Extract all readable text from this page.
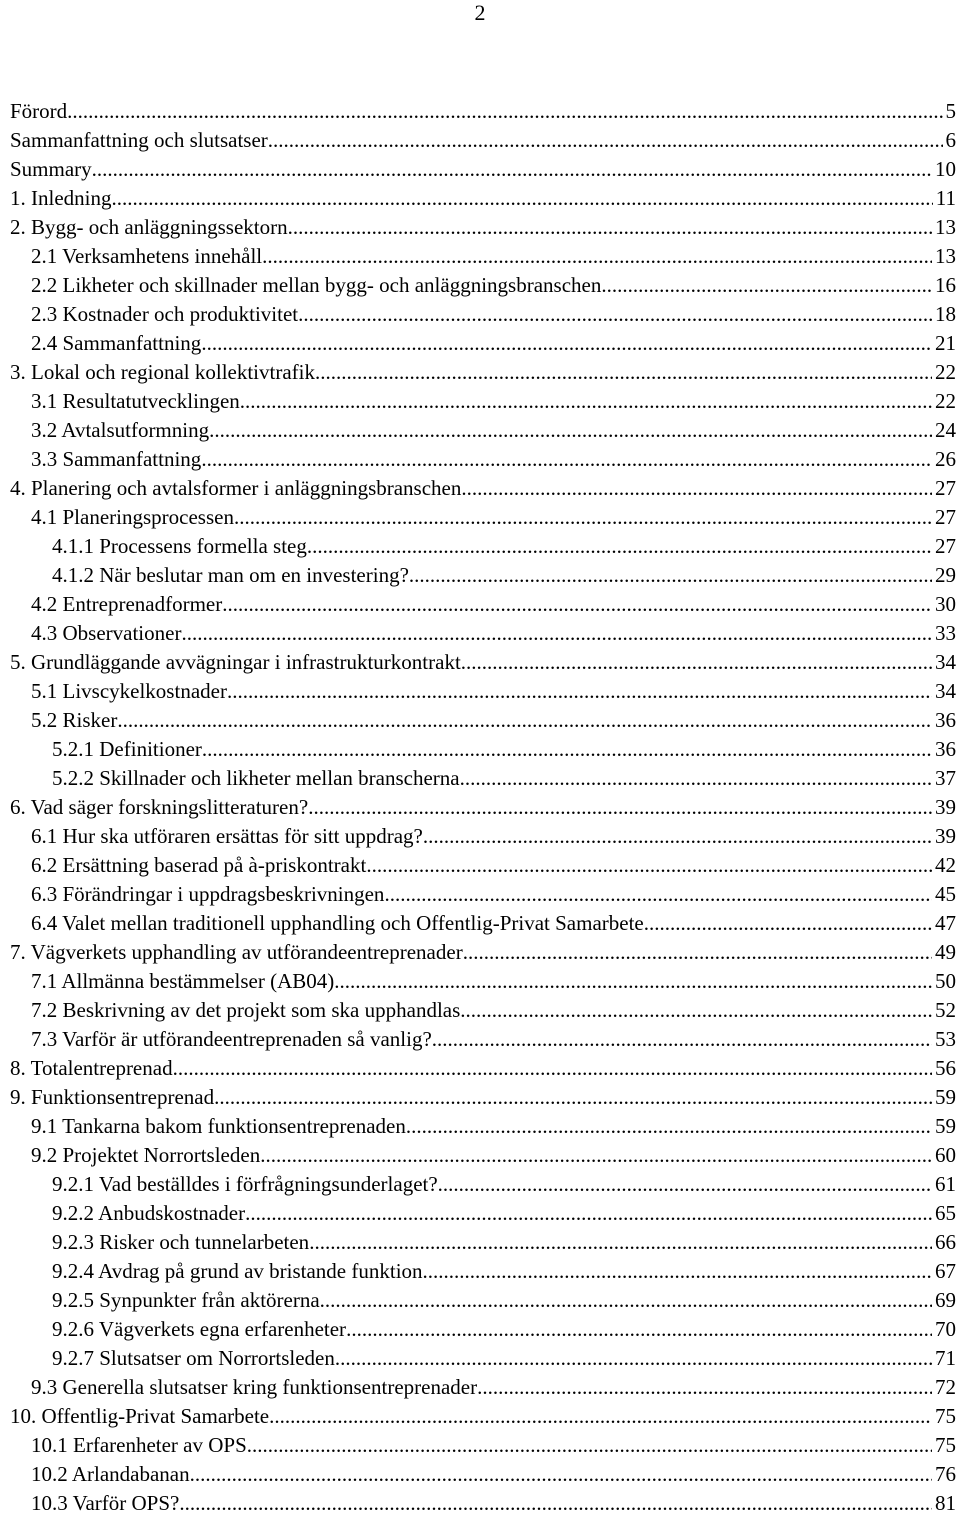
2
Förord .....	5
Sammanfattning och slutsatser .....	6
Summary .....	10
1. Inledning .....	11
2. Bygg- och anläggningssektorn .....	13
2.1 Verksamhetens innehåll .....	13
2.2 Likheter och skillnader mellan bygg- och anläggningsbranschen .....	16
2.3 Kostnader och produktivitet .....	18
2.4 Sammanfattning .....	21
3. Lokal och regional kollektivtrafik .....	22
3.1 Resultatutvecklingen .....	22
3.2 Avtalsutformning .....	24
3.3 Sammanfattning .....	26
4. Planering och avtalsformer i anläggningsbranschen .....	27
4.1 Planeringsprocessen .....	27
4.1.1 Processens formella steg .....	27
4.1.2 När beslutar man om en investering? .....	29
4.2 Entreprenadformer .....	30
4.3 Observationer .....	33
5. Grundläggande avvägningar i infrastrukturkontrakt .....	34
5.1 Livscykelkostnader .....	34
5.2 Risker .....	36
5.2.1 Definitioner .....	36
5.2.2 Skillnader och likheter mellan branscherna .....	37
6. Vad säger forskningslitteraturen? .....	39
6.1 Hur ska utföraren ersättas för sitt uppdrag? .....	39
6.2 Ersättning baserad på à-priskontrakt .....	42
6.3 Förändringar i uppdragsbeskrivningen .....	45
6.4 Valet mellan traditionell upphandling och Offentlig-Privat Samarbete .....	47
7. Vägverkets upphandling av utförandeentreprenader .....	49
7.1 Allmänna bestämmelser (AB04) .....	50
7.2 Beskrivning av det projekt som ska upphandlas .....	52
7.3 Varför är utförandeentreprenaden så vanlig? .....	53
8. Totalentreprenad .....	56
9. Funktionsentreprenad .....	59
9.1 Tankarna bakom funktionsentreprenaden .....	59
9.2 Projektet Norrortsleden .....	60
9.2.1 Vad beställdes i förfrågningsunderlaget? .....	61
9.2.2 Anbudskostnader .....	65
9.2.3 Risker och tunnelarbeten .....	66
9.2.4 Avdrag på grund av bristande funktion .....	67
9.2.5 Synpunkter från aktörerna .....	69
9.2.6 Vägverkets egna erfarenheter .....	70
9.2.7 Slutsatser om Norrortsleden .....	71
9.3 Generella slutsatser kring funktionsentreprenader .....	72
10. Offentlig-Privat Samarbete .....	75
10.1 Erfarenheter av OPS .....	75
10.2 Arlandabanan .....	76
10.3 Varför OPS? .....	81
